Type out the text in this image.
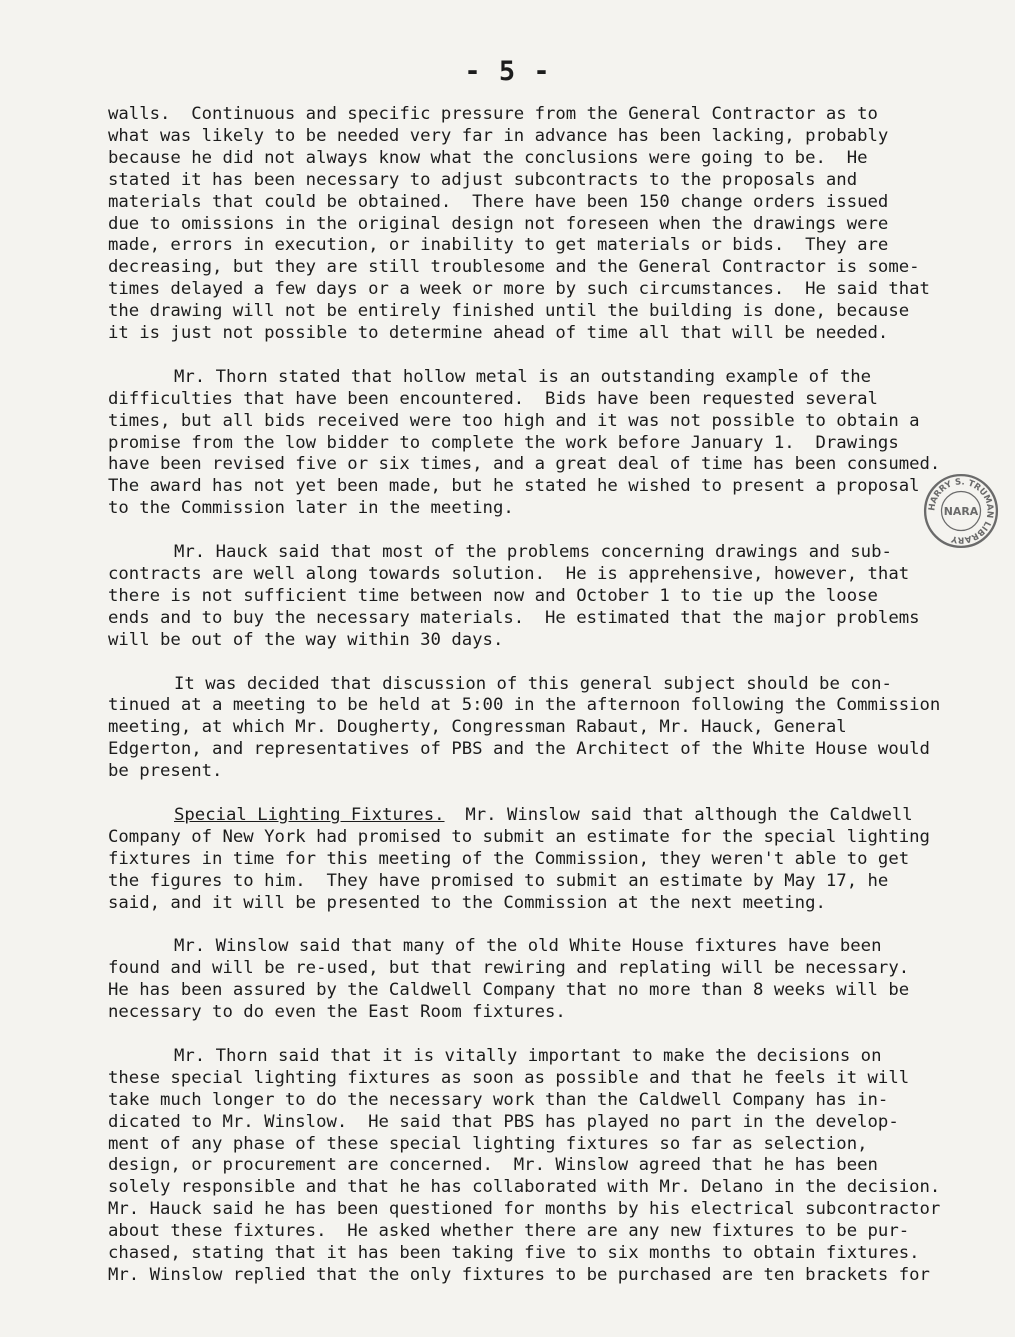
- 5 -
walls.  Continuous and specific pressure from the General Contractor as to
what was likely to be needed very far in advance has been lacking, probably
because he did not always know what the conclusions were going to be.  He
stated it has been necessary to adjust subcontracts to the proposals and
materials that could be obtained.  There have been 150 change orders issued
due to omissions in the original design not foreseen when the drawings were
made, errors in execution, or inability to get materials or bids.  They are
decreasing, but they are still troublesome and the General Contractor is some-
times delayed a few days or a week or more by such circumstances.  He said that
the drawing will not be entirely finished until the building is done, because
it is just not possible to determine ahead of time all that will be needed.
Mr. Thorn stated that hollow metal is an outstanding example of the
difficulties that have been encountered.  Bids have been requested several
times, but all bids received were too high and it was not possible to obtain a
promise from the low bidder to complete the work before January 1.  Drawings
have been revised five or six times, and a great deal of time has been consumed.
The award has not yet been made, but he stated he wished to present a proposal
to the Commission later in the meeting.
Mr. Hauck said that most of the problems concerning drawings and sub-
contracts are well along towards solution.  He is apprehensive, however, that
there is not sufficient time between now and October 1 to tie up the loose
ends and to buy the necessary materials.  He estimated that the major problems
will be out of the way within 30 days.
It was decided that discussion of this general subject should be con-
tinued at a meeting to be held at 5:00 in the afternoon following the Commission
meeting, at which Mr. Dougherty, Congressman Rabaut, Mr. Hauck, General
Edgerton, and representatives of PBS and the Architect of the White House would
be present.
Special Lighting Fixtures.  Mr. Winslow said that although the Caldwell
Company of New York had promised to submit an estimate for the special lighting
fixtures in time for this meeting of the Commission, they weren't able to get
the figures to him.  They have promised to submit an estimate by May 17, he
said, and it will be presented to the Commission at the next meeting.
Mr. Winslow said that many of the old White House fixtures have been
found and will be re-used, but that rewiring and replating will be necessary.
He has been assured by the Caldwell Company that no more than 8 weeks will be
necessary to do even the East Room fixtures.
Mr. Thorn said that it is vitally important to make the decisions on
these special lighting fixtures as soon as possible and that he feels it will
take much longer to do the necessary work than the Caldwell Company has in-
dicated to Mr. Winslow.  He said that PBS has played no part in the develop-
ment of any phase of these special lighting fixtures so far as selection,
design, or procurement are concerned.  Mr. Winslow agreed that he has been
solely responsible and that he has collaborated with Mr. Delano in the decision.
Mr. Hauck said he has been questioned for months by his electrical subcontractor
about these fixtures.  He asked whether there are any new fixtures to be pur-
chased, stating that it has been taking five to six months to obtain fixtures.
Mr. Winslow replied that the only fixtures to be purchased are ten brackets for
HARRY S. TRUMAN LIBRARY
NARA
